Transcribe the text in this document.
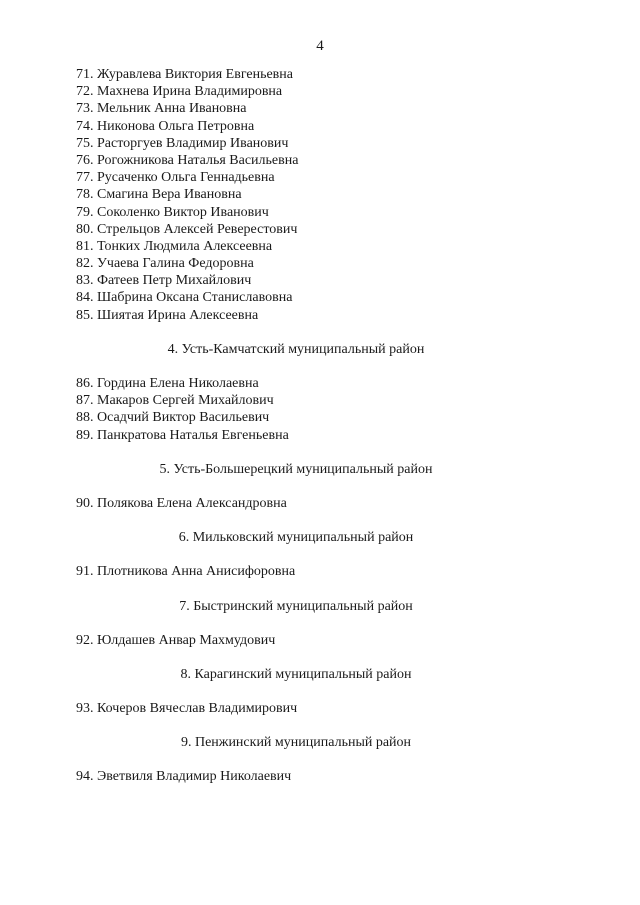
4
71. Журавлева Виктория Евгеньевна
72. Махнева Ирина Владимировна
73. Мельник Анна Ивановна
74. Никонова Ольга Петровна
75. Расторгуев Владимир Иванович
76. Рогожникова Наталья Васильевна
77. Русаченко Ольга Геннадьевна
78. Смагина Вера Ивановна
79. Соколенко Виктор Иванович
80. Стрельцов Алексей Реверестович
81. Тонких Людмила Алексеевна
82. Учаева Галина Федоровна
83. Фатеев Петр Михайлович
84. Шабрина Оксана Станиславовна
85. Шиятая Ирина Алексеевна
4. Усть-Камчатский муниципальный район
86. Гордина Елена Николаевна
87. Макаров Сергей Михайлович
88. Осадчий Виктор Васильевич
89. Панкратова Наталья Евгеньевна
5. Усть-Большерецкий муниципальный район
90. Полякова Елена Александровна
6. Мильковский муниципальный район
91. Плотникова Анна Анисифоровна
7. Быстринский муниципальный район
92. Юлдашев Анвар Махмудович
8. Карагинский муниципальный район
93. Кочеров Вячеслав Владимирович
9. Пенжинский муниципальный район
94. Эветвиля Владимир Николаевич
